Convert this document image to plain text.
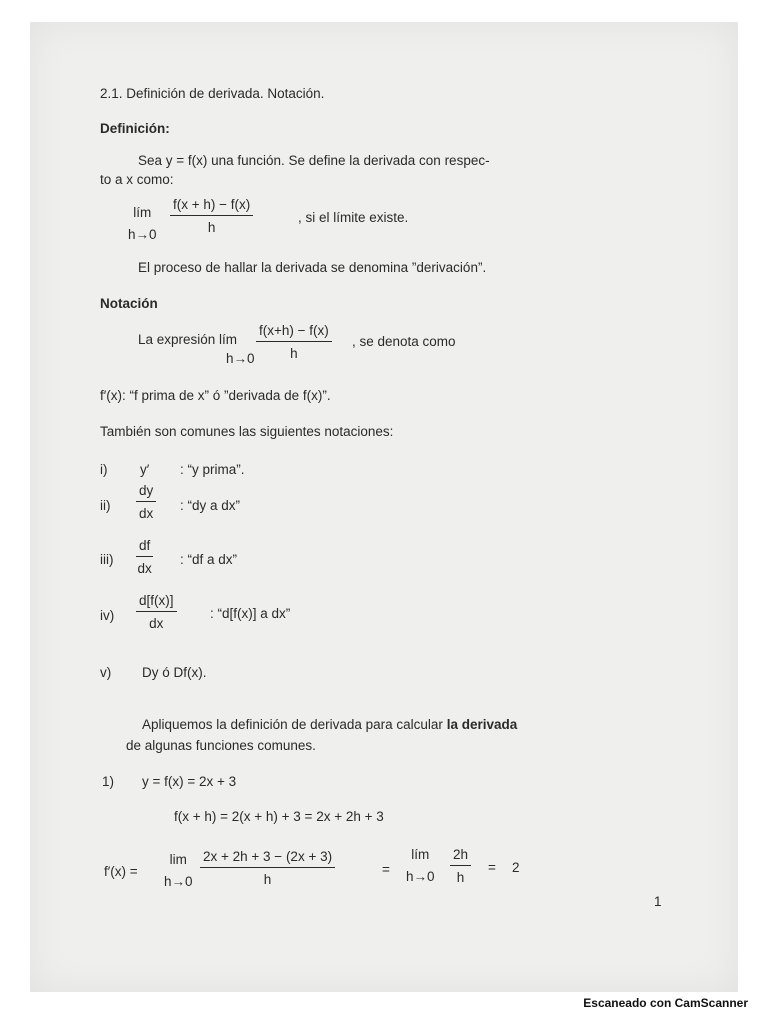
2.1. Definición de derivada. Notación.
Definición:
Sea y = f(x) una función. Se define la derivada con respec-
to a x como:
lím
h→0
f(x + h) − f(x)
h
, si el límite existe.
El proceso de hallar la derivada se denomina ”derivación”.
Notación
La expresión lím
h→0
f(x+h) − f(x)
h
, se denota como
f′(x): “f prima de x” ó ”derivada de f(x)”.
También son comunes las siguientes notaciones:
i) y′ : “y prima”.
ii)
dy
dx : “dy a dx”
iii)
df
dx
: “df a dx”
iv)
d[f(x)]
dx
: “d[f(x)] a dx”
v) Dy ó Df(x).
Apliquemos la definición de derivada para calcular la derivada
de algunas funciones comunes.
1) y = f(x) = 2x + 3
f(x + h) = 2(x + h) + 3 = 2x + 2h + 3
f′(x) =
lim
h→0
2x + 2h + 3 − (2x + 3)
h
=
lím
h→0
2h
h
= 2
1
Escaneado con CamScanner
